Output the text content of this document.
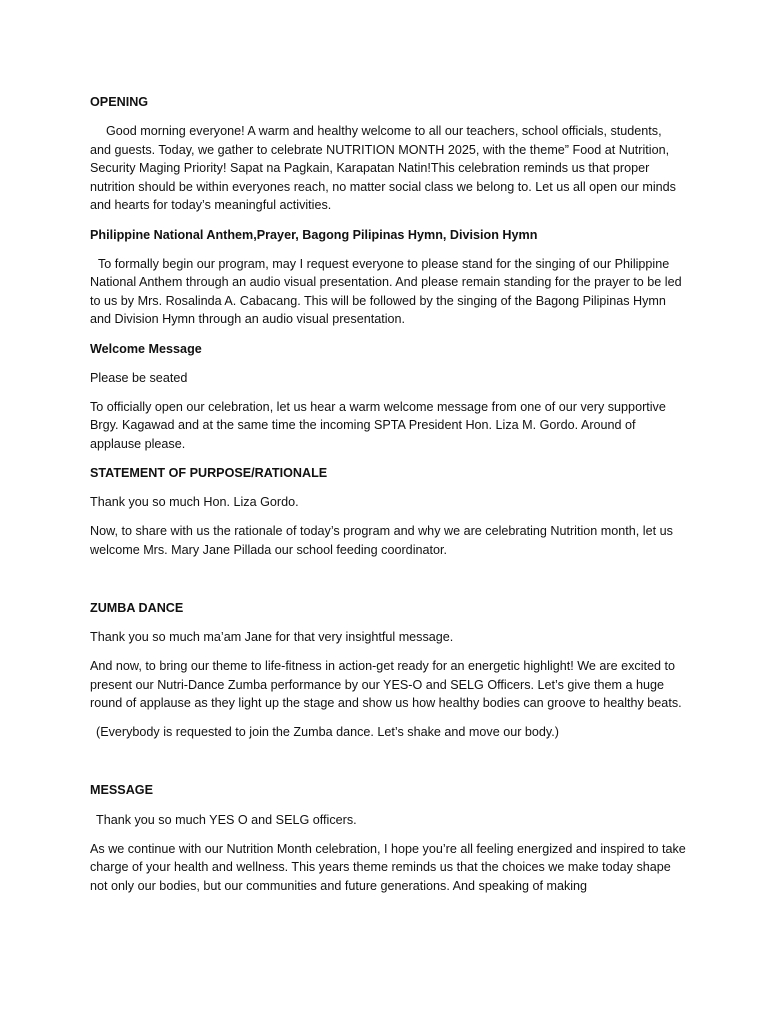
OPENING
Good morning everyone! A warm and healthy welcome to all our teachers, school officials, students, and guests. Today, we gather to celebrate NUTRITION MONTH 2025, with the theme” Food at Nutrition, Security Maging Priority! Sapat na Pagkain, Karapatan Natin!This celebration reminds us that proper nutrition should be within everyones reach, no matter social class we belong to. Let us all open our minds and hearts for today’s meaningful activities.
Philippine National Anthem,Prayer, Bagong Pilipinas Hymn, Division Hymn
To formally begin our program, may I request everyone to please stand for the singing of our Philippine National Anthem through an audio visual presentation. And please remain standing for the prayer to be led to us by Mrs. Rosalinda A. Cabacang. This will be followed by the singing of the Bagong Pilipinas Hymn and Division Hymn through an audio visual presentation.
Welcome Message
Please be seated
To officially open our celebration, let us hear a warm welcome message from one of our very supportive Brgy. Kagawad and at the same time the incoming SPTA President Hon. Liza M. Gordo. Around of applause please.
STATEMENT OF PURPOSE/RATIONALE
Thank you so much Hon. Liza Gordo.
Now, to share with us the rationale of today’s program and why we are celebrating Nutrition month, let us welcome Mrs. Mary Jane Pillada our school feeding coordinator.
ZUMBA DANCE
Thank you so much ma’am Jane for that very insightful message.
And now, to bring our theme to life-fitness in action-get ready for an energetic highlight! We are excited to present our Nutri-Dance Zumba performance by our YES-O and SELG Officers. Let’s give them a huge round of applause as they light up the stage and show us how healthy bodies can groove to healthy beats.
(Everybody is requested to join the Zumba dance. Let’s shake and move our body.)
MESSAGE
Thank you so much YES O and SELG officers.
As we continue with our Nutrition Month celebration, I hope you’re all feeling energized and inspired to take charge of your health and wellness. This years theme reminds us that the choices we make today shape not only our bodies, but our communities and future generations. And speaking of making
